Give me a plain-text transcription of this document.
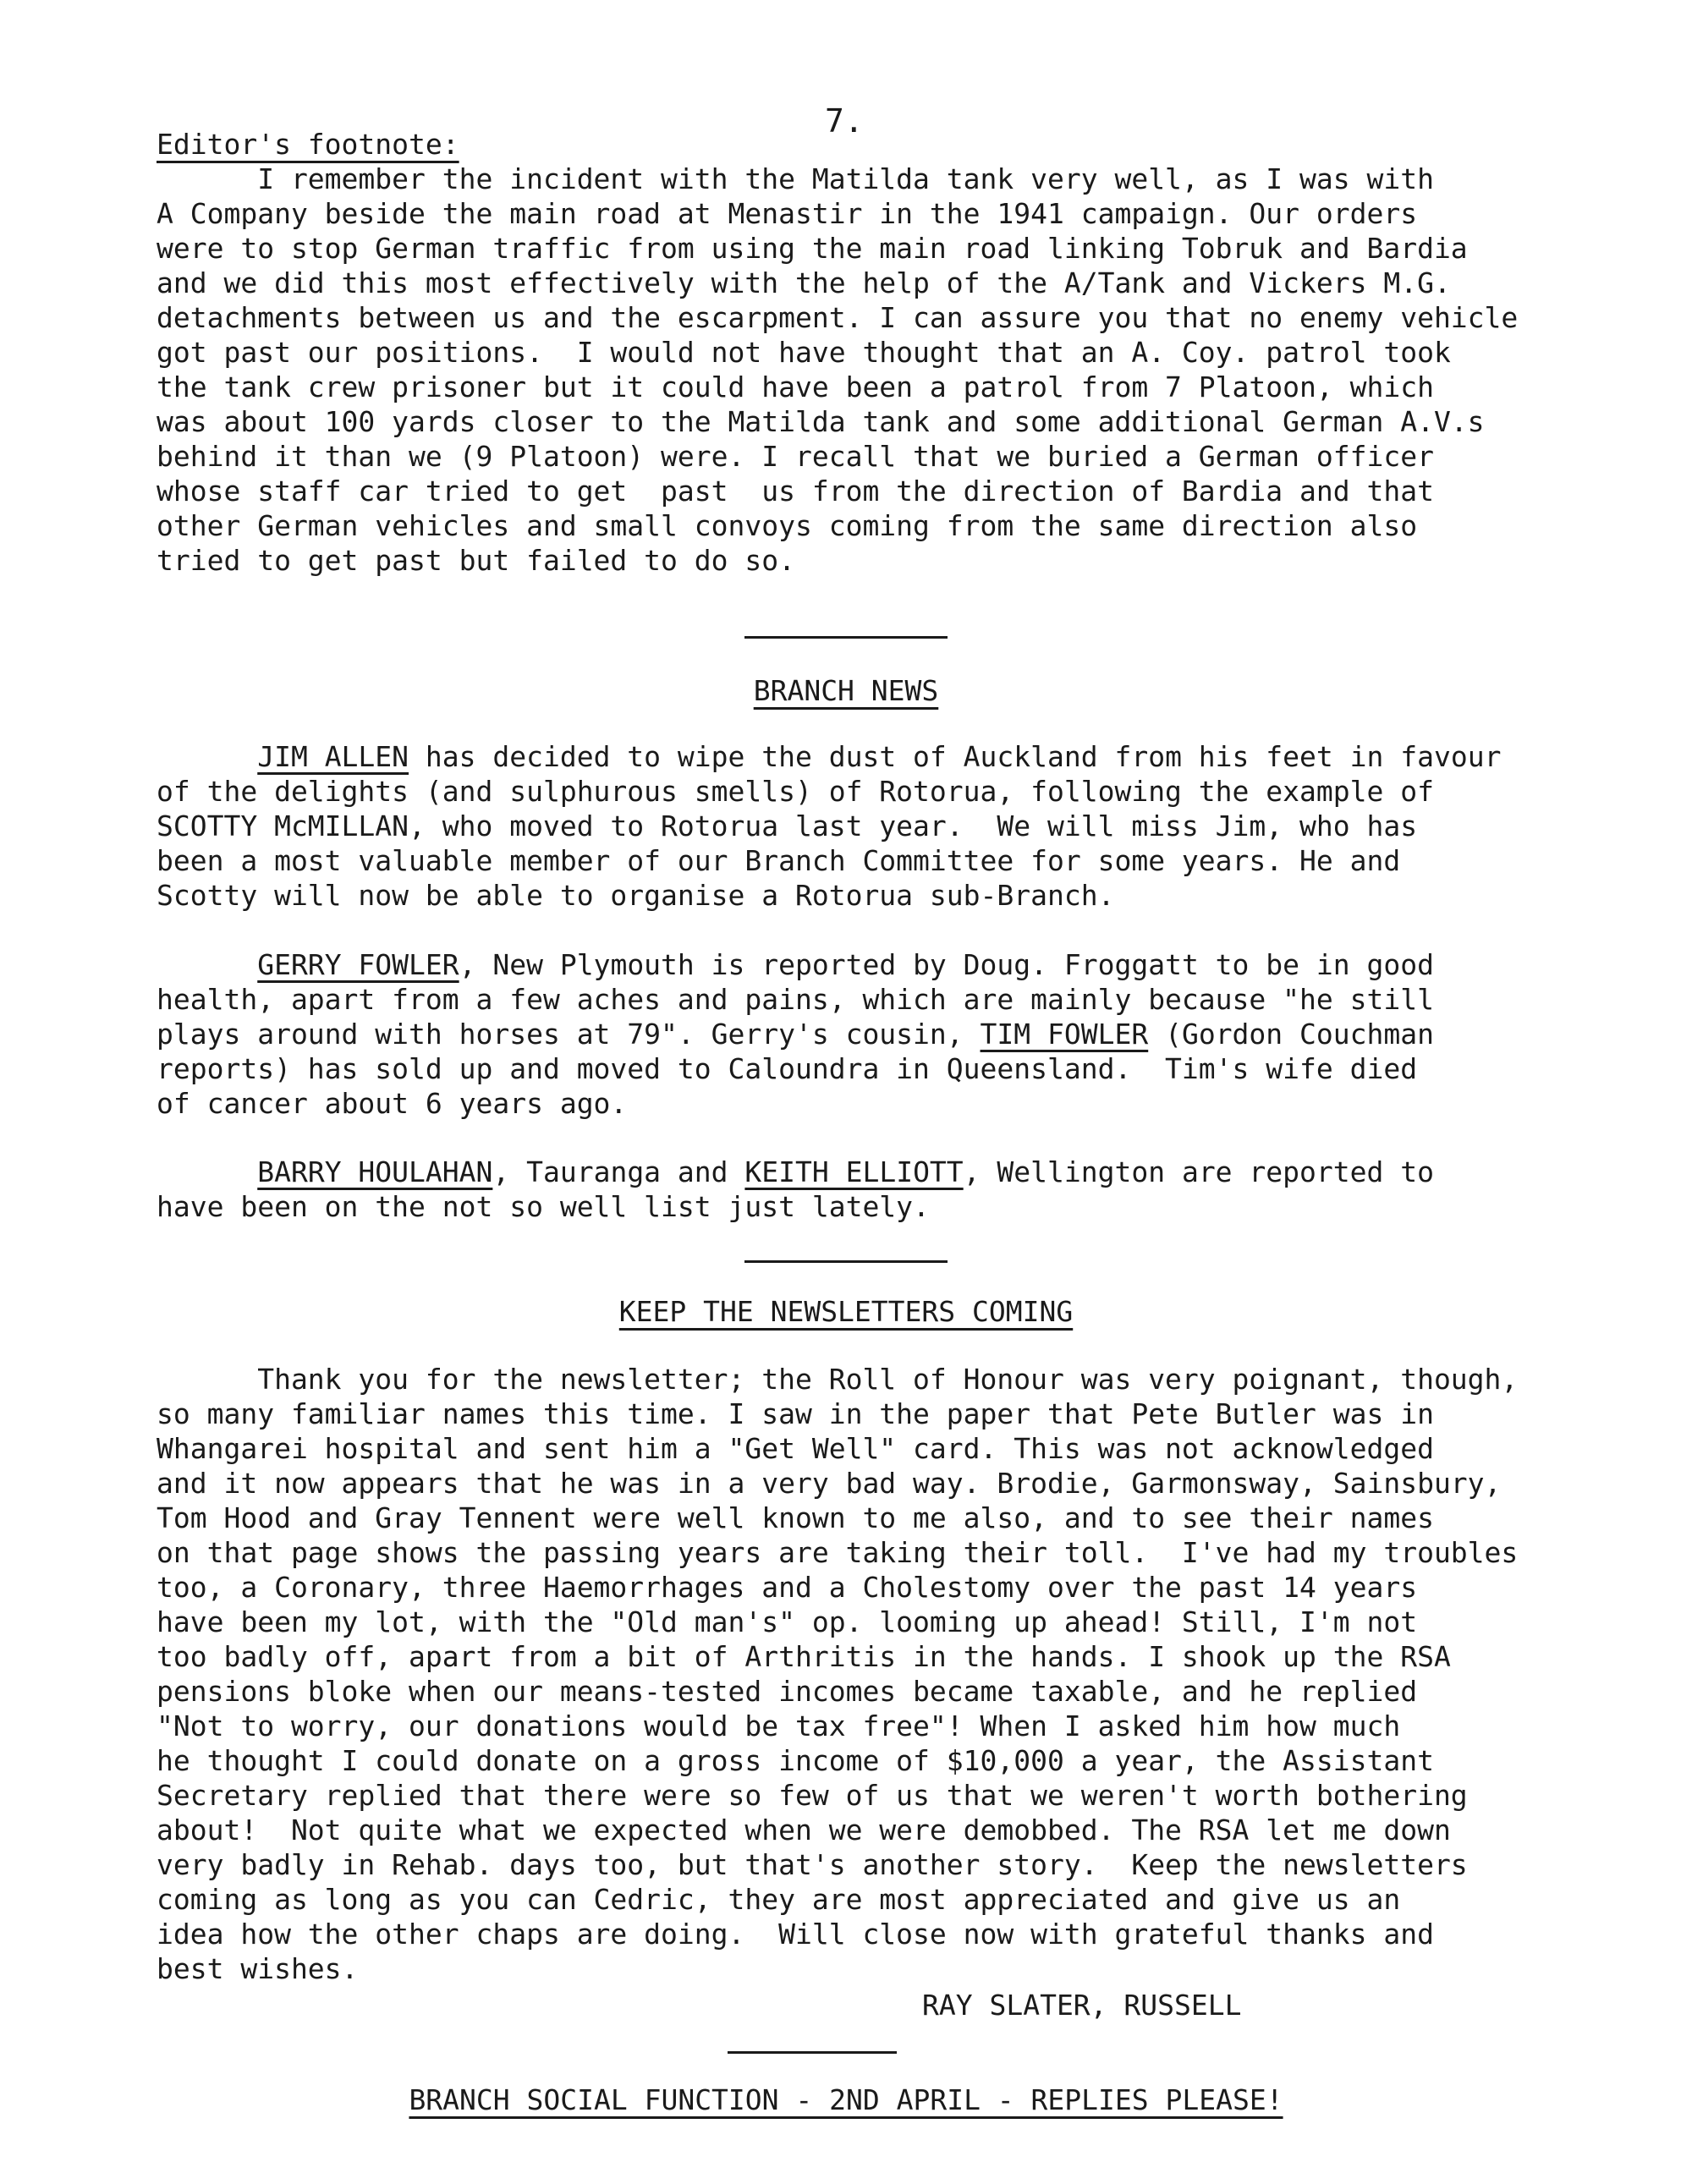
7.
Editor's footnote:
I remember the incident with the Matilda tank very well, as I was with
A Company beside the main road at Menastir in the 1941 campaign. Our orders
were to stop German traffic from using the main road linking Tobruk and Bardia
and we did this most effectively with the help of the A/Tank and Vickers M.G.
detachments between us and the escarpment. I can assure you that no enemy vehicle
got past our positions.  I would not have thought that an A. Coy. patrol took
the tank crew prisoner but it could have been a patrol from 7 Platoon, which
was about 100 yards closer to the Matilda tank and some additional German A.V.s
behind it than we (9 Platoon) were. I recall that we buried a German officer
whose staff car tried to get  past  us from the direction of Bardia and that
other German vehicles and small convoys coming from the same direction also
tried to get past but failed to do so.
BRANCH NEWS
JIM ALLEN has decided to wipe the dust of Auckland from his feet in favour
of the delights (and sulphurous smells) of Rotorua, following the example of
SCOTTY McMILLAN, who moved to Rotorua last year.  We will miss Jim, who has
been a most valuable member of our Branch Committee for some years. He and
Scotty will now be able to organise a Rotorua sub-Branch.
GERRY FOWLER, New Plymouth is reported by Doug. Froggatt to be in good
health, apart from a few aches and pains, which are mainly because "he still
plays around with horses at 79". Gerry's cousin, TIM FOWLER (Gordon Couchman
reports) has sold up and moved to Caloundra in Queensland.  Tim's wife died
of cancer about 6 years ago.
BARRY HOULAHAN, Tauranga and KEITH ELLIOTT, Wellington are reported to
have been on the not so well list just lately.
KEEP THE NEWSLETTERS COMING
Thank you for the newsletter; the Roll of Honour was very poignant, though,
so many familiar names this time. I saw in the paper that Pete Butler was in
Whangarei hospital and sent him a "Get Well" card. This was not acknowledged
and it now appears that he was in a very bad way. Brodie, Garmonsway, Sainsbury,
Tom Hood and Gray Tennent were well known to me also, and to see their names
on that page shows the passing years are taking their toll.  I've had my troubles
too, a Coronary, three Haemorrhages and a Cholestomy over the past 14 years
have been my lot, with the "Old man's" op. looming up ahead! Still, I'm not
too badly off, apart from a bit of Arthritis in the hands. I shook up the RSA
pensions bloke when our means-tested incomes became taxable, and he replied
"Not to worry, our donations would be tax free"! When I asked him how much
he thought I could donate on a gross income of $10,000 a year, the Assistant
Secretary replied that there were so few of us that we weren't worth bothering
about!  Not quite what we expected when we were demobbed. The RSA let me down
very badly in Rehab. days too, but that's another story.  Keep the newsletters
coming as long as you can Cedric, they are most appreciated and give us an
idea how the other chaps are doing.  Will close now with grateful thanks and
best wishes.
RAY SLATER, RUSSELL
BRANCH SOCIAL FUNCTION - 2ND APRIL - REPLIES PLEASE!
